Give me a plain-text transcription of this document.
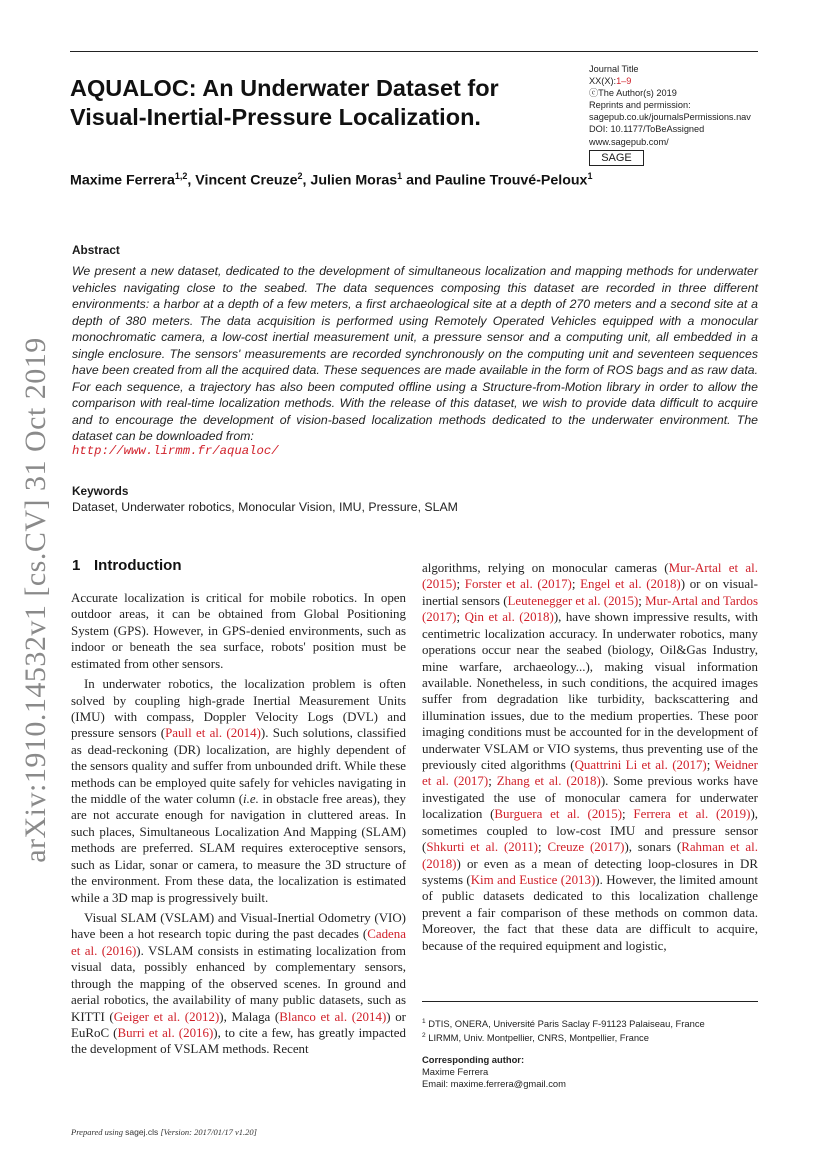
AQUALOC: An Underwater Dataset for
Visual-Inertial-Pressure Localization.
Journal Title
XX(X):1–9
ⓒThe Author(s) 2019
Reprints and permission:
sagepub.co.uk/journalsPermissions.nav
DOI: 10.1177/ToBeAssigned
www.sagepub.com/
SAGE
Maxime Ferrera$^{1,2}$, Vincent Creuze$^2$, Julien Moras$^1$ and Pauline Trouvé-Peloux$^1$
Abstract
We present a new dataset, dedicated to the development of simultaneous localization and mapping methods for underwater vehicles navigating close to the seabed. The data sequences composing this dataset are recorded in three different environments: a harbor at a depth of a few meters, a first archaeological site at a depth of 270 meters and a second site at a depth of 380 meters. The data acquisition is performed using Remotely Operated Vehicles equipped with a monocular monochromatic camera, a low-cost inertial measurement unit, a pressure sensor and a computing unit, all embedded in a single enclosure. The sensors' measurements are recorded synchronously on the computing unit and seventeen sequences have been created from all the acquired data. These sequences are made available in the form of ROS bags and as raw data. For each sequence, a trajectory has also been computed offline using a Structure-from-Motion library in order to allow the comparison with real-time localization methods. With the release of this dataset, we wish to provide data difficult to acquire and to encourage the development of vision-based localization methods dedicated to the underwater environment. The dataset can be downloaded from:
http://www.lirmm.fr/aqualoc/
Keywords
Dataset, Underwater robotics, Monocular Vision, IMU, Pressure, SLAM
arXiv:1910.14532v1 [cs.CV] 31 Oct 2019 1 Introduction

Accurate localization is critical for mobile robotics. In open outdoor areas, it can be obtained from Global Positioning System (GPS). However, in GPS-denied environments, such as indoor or beneath the sea surface, robots' position must be estimated from other sensors.

In underwater robotics, the localization problem is often solved by coupling high-grade Inertial Measurement Units (IMU) with compass, Doppler Velocity Logs (DVL) and pressure sensors (Paull et al. (2014)). Such solutions, classified as dead-reckoning (DR) localization, are highly dependent of the sensors quality and suffer from unbounded drift. While these methods can be employed quite safely for vehicles navigating in the middle of the water column (i.e. in obstacle free areas), they are not accurate enough for navigation in cluttered areas. In such places, Simultaneous Localization And Mapping (SLAM) methods are preferred. SLAM requires exteroceptive sensors, such as Lidar, sonar or camera, to measure the 3D structure of the environment. From these data, the localization is estimated while a 3D map is progressively built.

Visual SLAM (VSLAM) and Visual-Inertial Odometry (VIO) have been a hot research topic during the past decades (Cadena et al. (2016)). VSLAM consists in estimating localization from visual data, possibly enhanced by complementary sensors, through the mapping of the observed scenes. In ground and aerial robotics, the availability of many public datasets, such as KITTI (Geiger et al. (2012)), Malaga (Blanco et al. (2014)) or EuRoC (Burri et al. (2016)), to cite a few, has greatly impacted the development of VSLAM methods. Recent

algorithms, relying on monocular cameras (Mur-Artal et al. (2015); Forster et al. (2017); Engel et al. (2018)) or on visual-inertial sensors (Leutenegger et al. (2015); Mur-Artal and Tardos (2017); Qin et al. (2018)), have shown impressive results, with centimetric localization accuracy. In underwater robotics, many operations occur near the seabed (biology, Oil&Gas Industry, mine warfare, archaeology...), making visual information available. Nonetheless, in such conditions, the acquired images suffer from degradation like turbidity, backscattering and illumination issues, due to the medium properties. These poor imaging conditions must be accounted for in the development of underwater VSLAM or VIO systems, thus preventing use of the previously cited algorithms (Quattrini Li et al. (2017); Weidner et al. (2017); Zhang et al. (2018)). Some previous works have investigated the use of monocular camera for underwater localization (Burguera et al. (2015); Ferrera et al. (2019)), sometimes coupled to low-cost IMU and pressure sensor (Shkurti et al. (2011); Creuze (2017)), sonars (Rahman et al. (2018)) or even as a mean of detecting loop-closures in DR systems (Kim and Eustice (2013)). However, the limited amount of public datasets dedicated to this localization challenge prevent a fair comparison of these methods on common data. Moreover, the fact that these data are difficult to acquire, because of the required equipment and logistic,

$^1$ DTIS, ONERA, Université Paris Saclay F-91123 Palaiseau, France
$^2$ LIRMM, Univ. Montpellier, CNRS, Montpellier, France
Corresponding author:
Maxime Ferrera
Email: maxime.ferrera@gmail.com
Prepared using sagej.cls [Version: 2017/01/17 v1.20]
